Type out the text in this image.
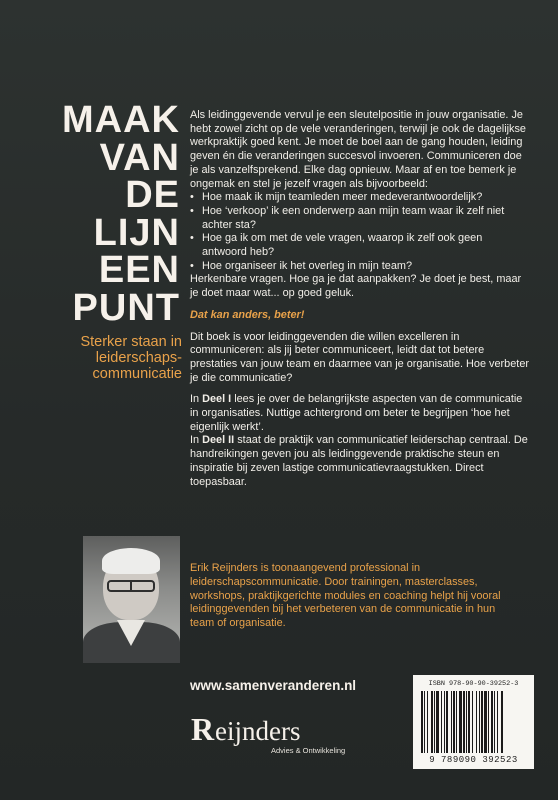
MAAK
VAN
DE
LIJN
EEN
PUNT
Sterker staan in
leiderschaps-
communicatie

Als leidinggevende vervul je een sleutelpositie in jouw organisatie. Je hebt zowel zicht op de vele veranderingen, terwijl je ook de dagelijkse werkpraktijk goed kent. Je moet de boel aan de gang houden, leiding geven én die veranderingen succesvol invoeren. Communiceren doe je als vanzelfsprekend. Elke dag opnieuw. Maar af en toe bemerk je ongemak en stel je jezelf vragen als bijvoorbeeld:

• Hoe maak ik mijn teamleden meer medeverantwoordelijk?
• Hoe ‘verkoop’ ik een onderwerp aan mijn team waar ik zelf niet achter sta?
• Hoe ga ik om met de vele vragen, waarop ik zelf ook geen antwoord heb?
• Hoe organiseer ik het overleg in mijn team?

Herkenbare vragen. Hoe ga je dat aanpakken? Je doet je best, maar je doet maar wat... op goed geluk.

Dat kan anders, beter!

Dit boek is voor leidinggevenden die willen excelleren in communiceren: als jij beter communiceert, leidt dat tot betere prestaties van jouw team en daarmee van je organisatie. Hoe verbeter je die communicatie?

In Deel I lees je over de belangrijkste aspecten van de communicatie in organisaties. Nuttige achtergrond om beter te begrijpen ‘hoe het eigenlijk werkt’.

In Deel II staat de praktijk van communicatief leiderschap centraal. De handreikingen geven jou als leidinggevende praktische steun en inspiratie bij zeven lastige communicatievraagstukken. Direct toepasbaar.

Erik Reijnders is toonaangevend professional in leiderschapscommunicatie. Door trainingen, masterclasses, workshops, praktijkgerichte modules en coaching helpt hij vooral leidinggevenden bij het verbeteren van de communicatie in hun team of organisatie.

www.samenveranderen.nl
R eijnders
Advies & Ontwikkeling
ISBN 978-90-90-39252-3
9 789090 392523
